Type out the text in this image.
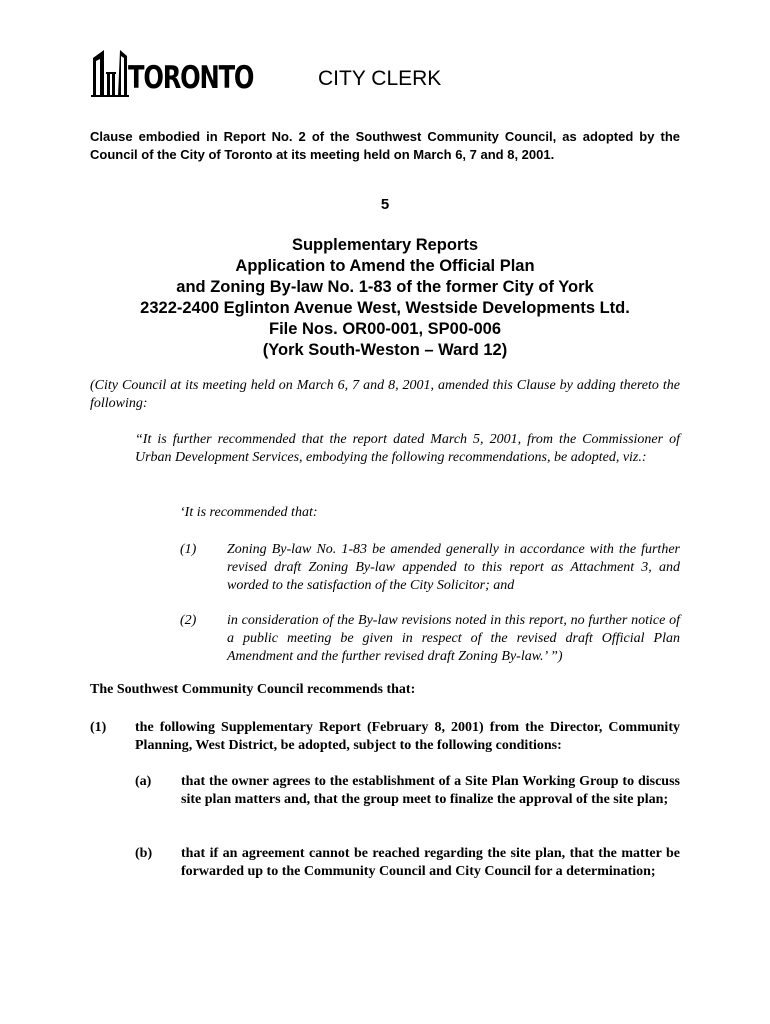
TORONTO	CITY CLERK
Clause embodied in Report No. 2 of the Southwest Community Council, as adopted by the Council of the City of Toronto at its meeting held on March 6, 7 and 8, 2001.
5
Supplementary Reports
Application to Amend the Official Plan
and Zoning By-law No. 1-83 of the former City of York
2322-2400 Eglinton Avenue West, Westside Developments Ltd.
File Nos. OR00-001, SP00-006
(York South-Weston – Ward 12)
(City Council at its meeting held on March 6, 7 and 8, 2001, amended this Clause by adding thereto the following:
“It is further recommended that the report dated March 5, 2001, from the Commissioner of Urban Development Services, embodying the following recommendations, be adopted, viz.:
‘It is recommended that:
(1) Zoning By-law No. 1-83 be amended generally in accordance with the further revised draft Zoning By-law appended to this report as Attachment 3, and worded to the satisfaction of the City Solicitor; and
(2) in consideration of the By-law revisions noted in this report, no further notice of a public meeting be given in respect of the revised draft Official Plan Amendment and the further revised draft Zoning By-law.’ ”)
The Southwest Community Council recommends that:
(1) the following Supplementary Report (February 8, 2001) from the Director, Community Planning, West District, be adopted, subject to the following conditions:
(a) that the owner agrees to the establishment of a Site Plan Working Group to discuss site plan matters and, that the group meet to finalize the approval of the site plan;
(b) that if an agreement cannot be reached regarding the site plan, that the matter be forwarded up to the Community Council and City Council for a determination;
